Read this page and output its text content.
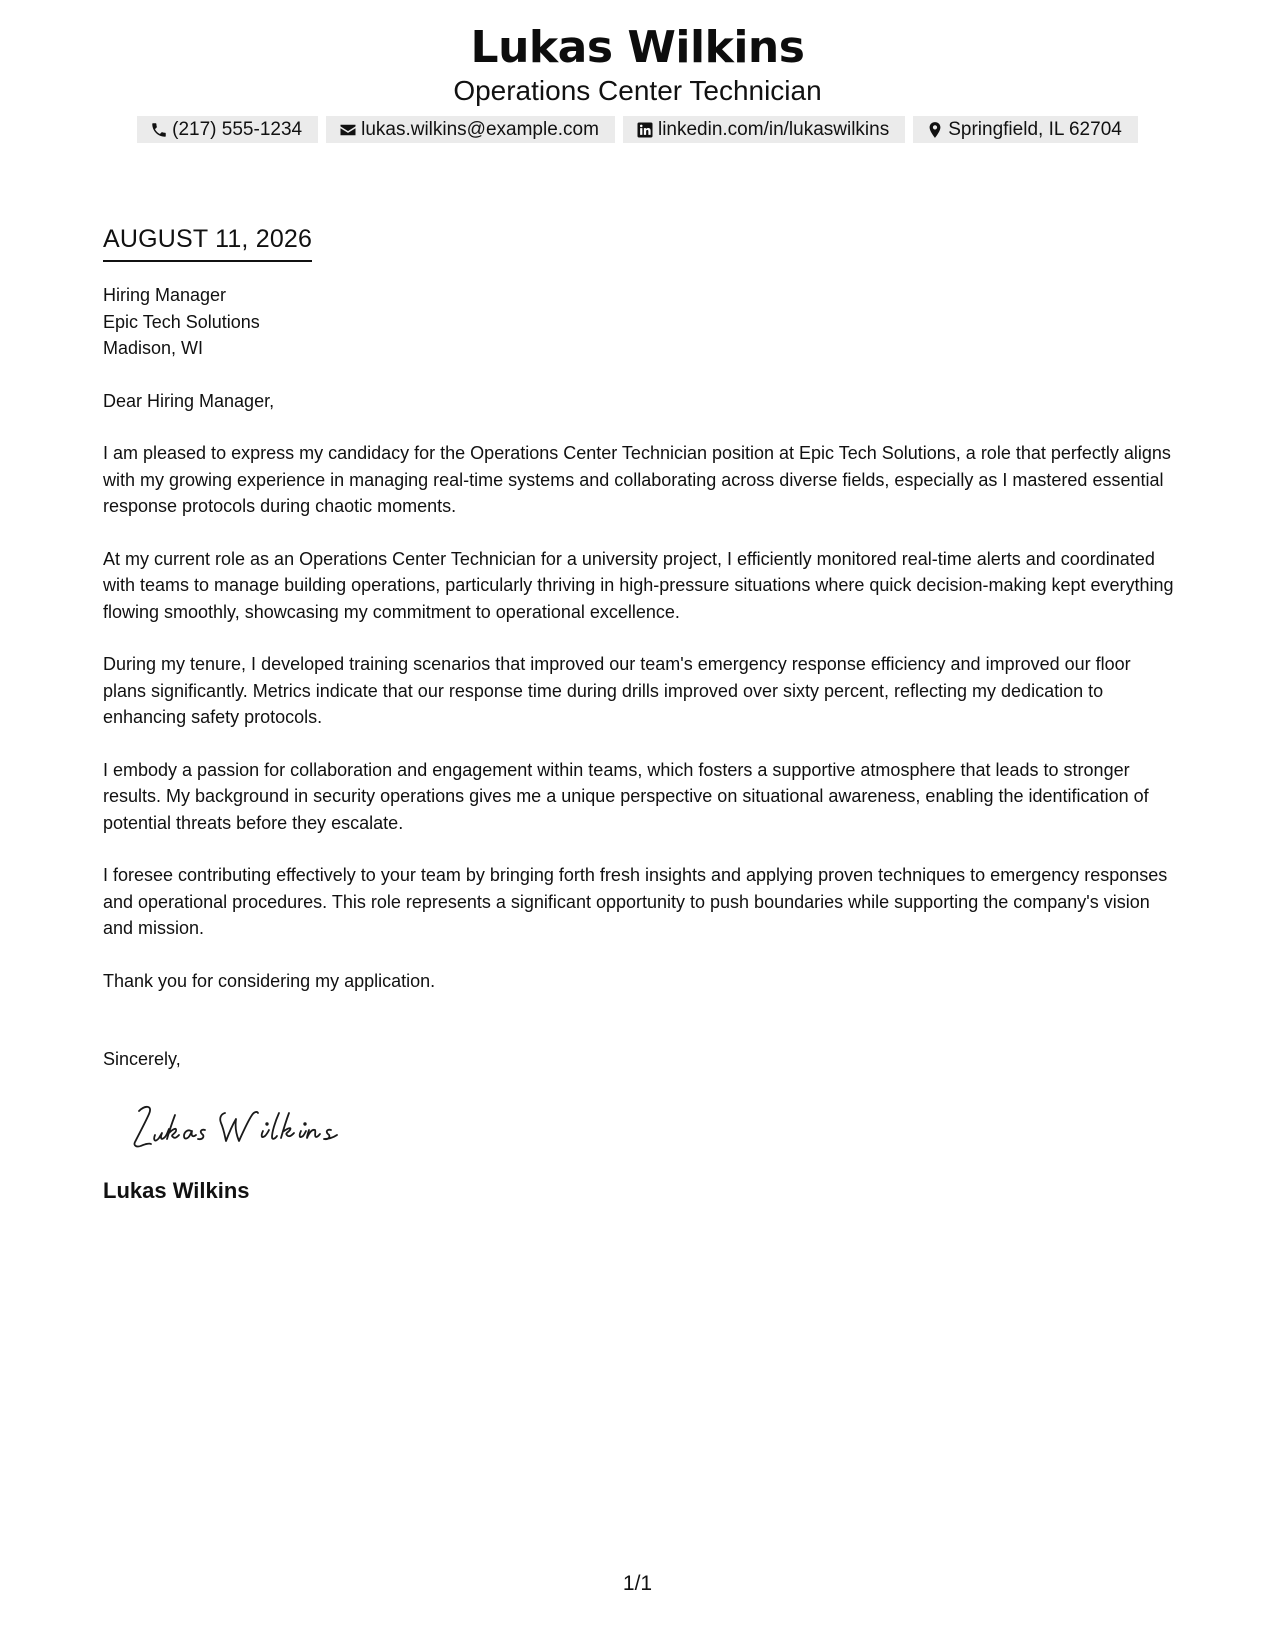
Lukas Wilkins
Operations Center Technician
(217) 555-1234	lukas.wilkins@example.com	linkedin.com/in/lukaswilkins	Springfield, IL 62704
AUGUST 11, 2026
Hiring Manager
Epic Tech Solutions
Madison, WI
Dear Hiring Manager,
I am pleased to express my candidacy for the Operations Center Technician position at Epic Tech Solutions, a role that perfectly aligns with my growing experience in managing real-time systems and collaborating across diverse fields, especially as I mastered essential response protocols during chaotic moments.
At my current role as an Operations Center Technician for a university project, I efficiently monitored real-time alerts and coordinated with teams to manage building operations, particularly thriving in high-pressure situations where quick decision-making kept everything flowing smoothly, showcasing my commitment to operational excellence.
During my tenure, I developed training scenarios that improved our team's emergency response efficiency and improved our floor plans significantly. Metrics indicate that our response time during drills improved over sixty percent, reflecting my dedication to enhancing safety protocols.
I embody a passion for collaboration and engagement within teams, which fosters a supportive atmosphere that leads to stronger results. My background in security operations gives me a unique perspective on situational awareness, enabling the identification of potential threats before they escalate.
I foresee contributing effectively to your team by bringing forth fresh insights and applying proven techniques to emergency responses and operational procedures. This role represents a significant opportunity to push boundaries while supporting the company's vision and mission.
Thank you for considering my application.
Sincerely,
Lukas Wilkins
1/1
